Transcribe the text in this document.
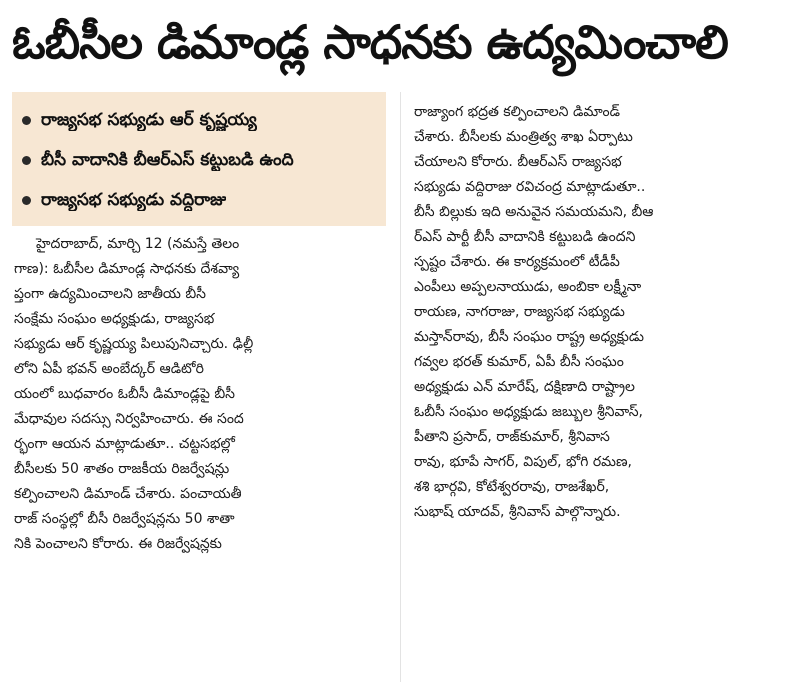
ఓబీసీల డిమాండ్ల సాధనకు ఉద్యమించాలి
రాజ్యసభ సభ్యుడు ఆర్ కృష్ణయ్య
బీసీ వాదానికి బీఆర్ఎస్ కట్టుబడి ఉంది
రాజ్యసభ సభ్యుడు వద్దిరాజు
హైదరాబాద్, మార్చి 12 (నమస్తే తెలం
గాణ): ఓబీసీల డిమాండ్ల సాధనకు దేశవ్యా
ప్తంగా ఉద్యమించాలని జాతీయ బీసీ
సంక్షేమ సంఘం అధ్యక్షుడు, రాజ్యసభ
సభ్యుడు ఆర్ కృష్ణయ్య పిలుపునిచ్చారు. ఢిల్లీ
లోని ఏపీ భవన్ అంబేద్కర్ ఆడిటోరి
యంలో బుధవారం ఓబీసీ డిమాండ్లపై బీసీ
మేధావుల సదస్సు నిర్వహించారు. ఈ సంద
ర్భంగా ఆయన మాట్లాడుతూ.. చట్టసభల్లో
బీసీలకు 50 శాతం రాజకీయ రిజర్వేషన్లు
కల్పించాలని డిమాండ్ చేశారు. పంచాయతీ
రాజ్ సంస్థల్లో బీసీ రిజర్వేషన్లను 50 శాతా
నికి పెంచాలని కోరారు. ఈ రిజర్వేషన్లకు
రాజ్యాంగ భద్రత కల్పించాలని డిమాండ్
చేశారు. బీసీలకు మంత్రిత్వ శాఖ ఏర్పాటు
చేయాలని కోరారు. బీఆర్ఎస్ రాజ్యసభ
సభ్యుడు వద్దిరాజు రవిచంద్ర మాట్లాడుతూ..
బీసీ బిల్లుకు ఇది అనువైన సమయమని, బీఆ
ర్ఎస్ పార్టీ బీసీ వాదానికి కట్టుబడి ఉందని
స్పష్టం చేశారు. ఈ కార్యక్రమంలో టీడీపీ
ఎంపీలు అప్పలనాయుడు, అంబికా లక్ష్మీనా
రాయణ, నాగరాజు, రాజ్యసభ సభ్యుడు
మస్తాన్‌రావు, బీసీ సంఘం రాష్ట్ర అధ్యక్షుడు
గవ్వల భరత్ కుమార్, ఏపీ బీసీ సంఘం
అధ్యక్షుడు ఎన్ మారేష్, దక్షిణాది రాష్ట్రాల
ఓబీసీ సంఘం అధ్యక్షుడు జబ్బుల శ్రీనివాస్,
పీతాని ప్రసాద్, రాజ్‌కుమార్, శ్రీనివాస
రావు, భూపే సాగర్, విపుల్, భోగి రమణ,
శశి భార్గవి, కోటేశ్వరరావు, రాజశేఖర్,
సుభాష్ యాదవ్, శ్రీనివాస్ పాల్గొన్నారు.
